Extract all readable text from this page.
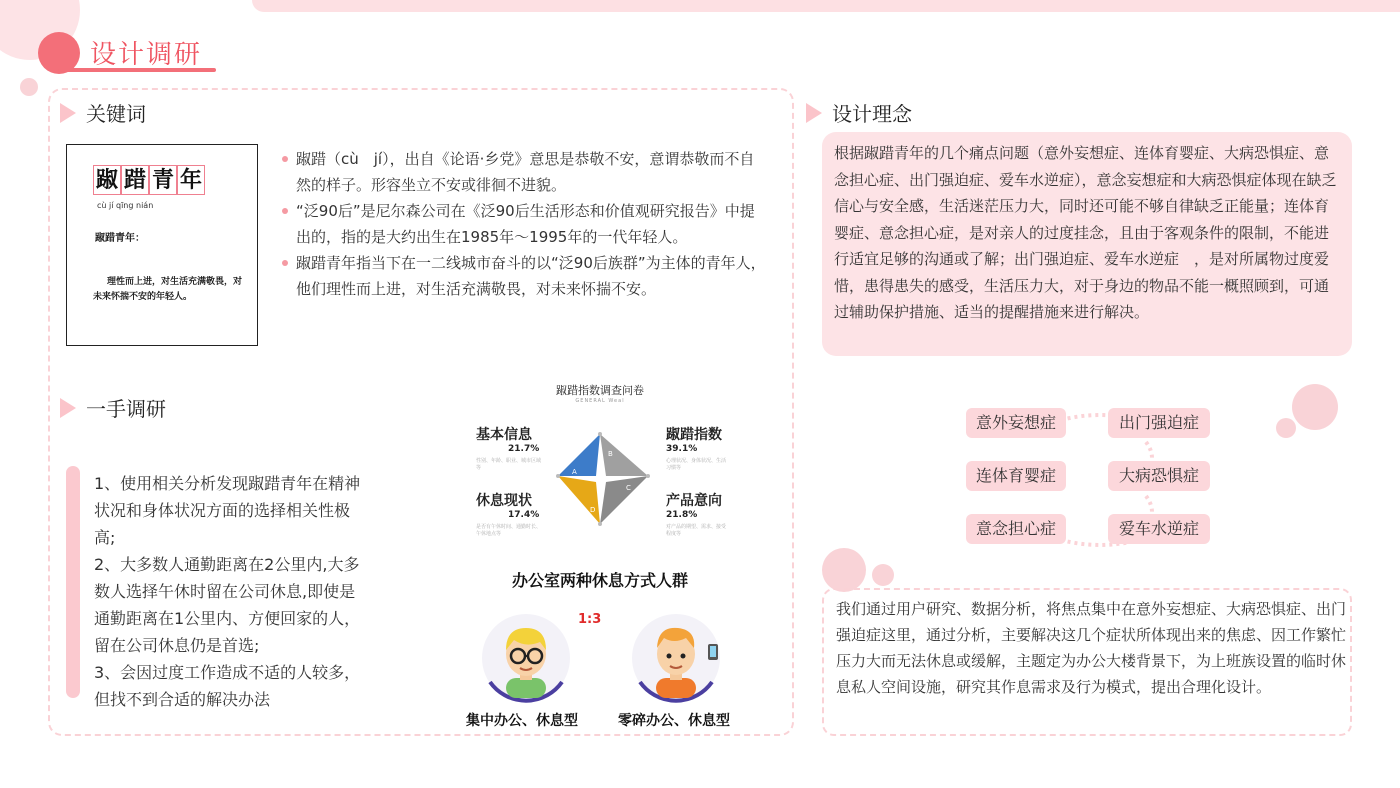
设计调研
关键词
踧 踖 青 年
cù jí qīng nián
踧踖青年：
理性而上进，对生活充满敬畏，对未来怀揣不安的年轻人。
踧踖（cù　jí），出自《论语·乡党》意思是恭敬不安，意谓恭敬而不自然的样子。形容坐立不安或徘徊不进貌。
“泛90后”是尼尔森公司在《泛90后生活形态和价值观研究报告》中提出的，指的是大约出生在1985年～1995年的一代年轻人。
踧踖青年指当下在一二线城市奋斗的以“泛90后族群”为主体的青年人，他们理性而上进，对生活充满敬畏，对未来怀揣不安。
一手调研

1、使用相关分析发现踧踖青年在精神状况和身体状况方面的选择相关性极高;

2、大多数人通勤距离在2公里内,大多数人选择午休时留在公司休息,即使是通勤距离在1公里内、方便回家的人，留在公司休息仍是首选;

3、会因过度工作造成不适的人较多，但找不到合适的解决办法

踧踖指数调查问卷
GENERAL Weal
基本信息
21.7%
性别、年龄、职业、城市区域等
踧踖指数
39.1%
心理状况、身体状况、生活习惯等
休息现状
17.4%
是否有午休时间、通勤时长、午休地点等
产品意向
21.8%
对产品的期望、需求、接受程度等
A
B
C
D
办公室两种休息方式人群
1:3
集中办公、休息型	零碎办公、休息型
设计理念
根据踧踖青年的几个痛点问题（意外妄想症、连体育婴症、大病恐惧症、意念担心症、出门强迫症、爱车水逆症），意念妄想症和大病恐惧症体现在缺乏信心与安全感，生活迷茫压力大，同时还可能不够自律缺乏正能量；连体育婴症、意念担心症，是对亲人的过度挂念，且由于客观条件的限制，不能进行适宜足够的沟通或了解；出门强迫症、爱车水逆症　，是对所属物过度爱惜，患得患失的感受，生活压力大，对于身边的物品不能一概照顾到，可通过辅助保护措施、适当的提醒措施来进行解决。
意外妄想症	出门强迫症
连体育婴症	大病恐惧症
意念担心症	爱车水逆症
我们通过用户研究、数据分析，将焦点集中在意外妄想症、大病恐惧症、出门强迫症这里，通过分析，主要解决这几个症状所体现出来的焦虑、因工作繁忙压力大而无法休息或缓解，主题定为办公大楼背景下，为上班族设置的临时休息私人空间设施，研究其作息需求及行为模式，提出合理化设计。
